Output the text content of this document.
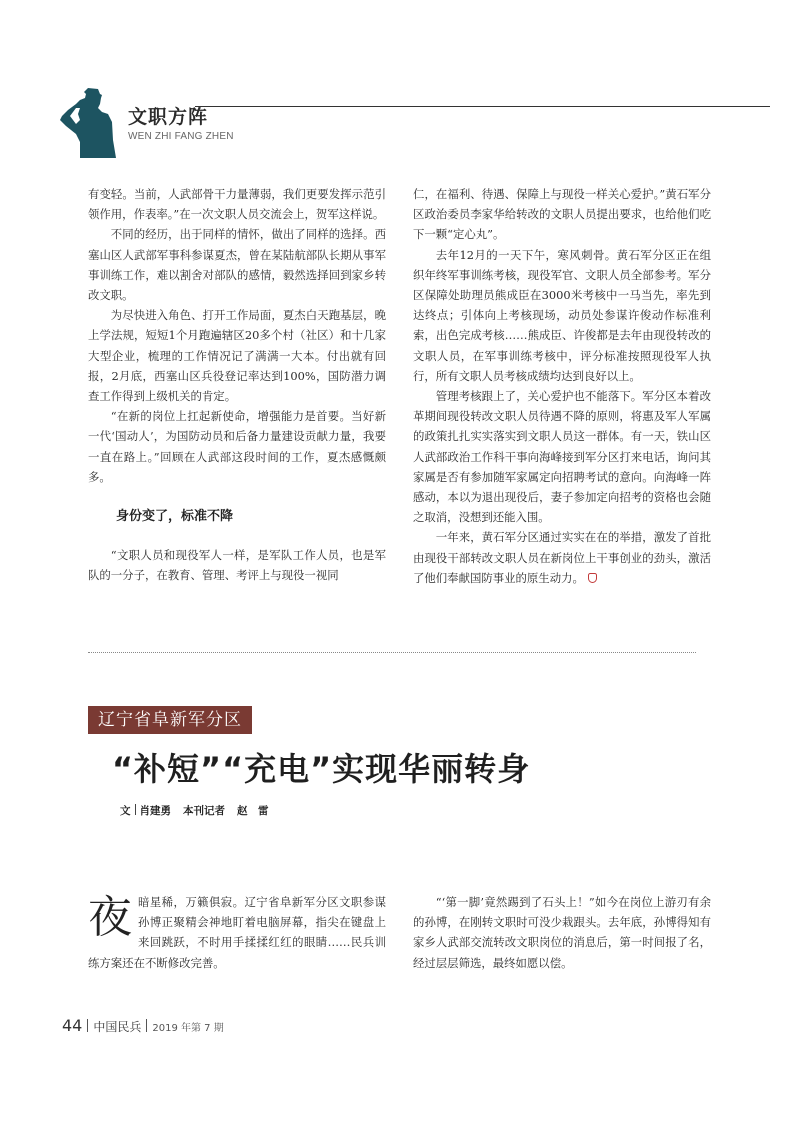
文职方阵
WEN ZHI FANG ZHEN

有变轻。当前，人武部骨干力量薄弱，我们更要发挥示范引领作用，作表率。”在一次文职人员交流会上，贺军这样说。

不同的经历，出于同样的情怀，做出了同样的选择。西塞山区人武部军事科参谋夏杰，曾在某陆航部队长期从事军事训练工作，难以割舍对部队的感情，毅然选择回到家乡转改文职。

为尽快进入角色、打开工作局面，夏杰白天跑基层，晚上学法规，短短1个月跑遍辖区20多个村（社区）和十几家大型企业，梳理的工作情况记了满满一大本。付出就有回报，2月底，西塞山区兵役登记率达到100%，国防潜力调查工作得到上级机关的肯定。

“在新的岗位上扛起新使命，增强能力是首要。当好新一代‘国动人’，为国防动员和后备力量建设贡献力量，我要一直在路上。”回顾在人武部这段时间的工作，夏杰感慨颇多。

身份变了，标准不降

“文职人员和现役军人一样，是军队工作人员，也是军队的一分子，在教育、管理、考评上与现役一视同

仁，在福利、待遇、保障上与现役一样关心爱护。”黄石军分区政治委员李家华给转改的文职人员提出要求，也给他们吃下一颗“定心丸”。

去年12月的一天下午，寒风刺骨。黄石军分区正在组织年终军事训练考核，现役军官、文职人员全部参考。军分区保障处助理员熊成臣在3000米考核中一马当先，率先到达终点；引体向上考核现场，动员处参谋许俊动作标准利索，出色完成考核……熊成臣、许俊都是去年由现役转改的文职人员，在军事训练考核中，评分标准按照现役军人执行，所有文职人员考核成绩均达到良好以上。

管理考核跟上了，关心爱护也不能落下。军分区本着改革期间现役转改文职人员待遇不降的原则，将惠及军人军属的政策扎扎实实落实到文职人员这一群体。有一天，铁山区人武部政治工作科干事向海峰接到军分区打来电话，询问其家属是否有参加随军家属定向招聘考试的意向。向海峰一阵感动，本以为退出现役后，妻子参加定向招考的资格也会随之取消，没想到还能入围。

一年来，黄石军分区通过实实在在的举措，激发了首批由现役干部转改文职人员在新岗位上干事创业的劲头，激活了他们奉献国防事业的原生动力。

辽宁省阜新军分区
“补短”“充电”实现华丽转身
文 肖建勇 本刊记者 赵　雷

夜暗星稀，万籁俱寂。辽宁省阜新军分区文职参谋孙博正聚精会神地盯着电脑屏幕，指尖在键盘上来回跳跃，不时用手揉揉红红的眼睛……民兵训练方案还在不断修改完善。

“‘第一脚’竟然踢到了石头上！”如今在岗位上游刃有余的孙博，在刚转文职时可没少栽跟头。去年底，孙博得知有家乡人武部交流转改文职岗位的消息后，第一时间报了名，经过层层筛选，最终如愿以偿。

44 中国民兵 2019 年第 7 期
